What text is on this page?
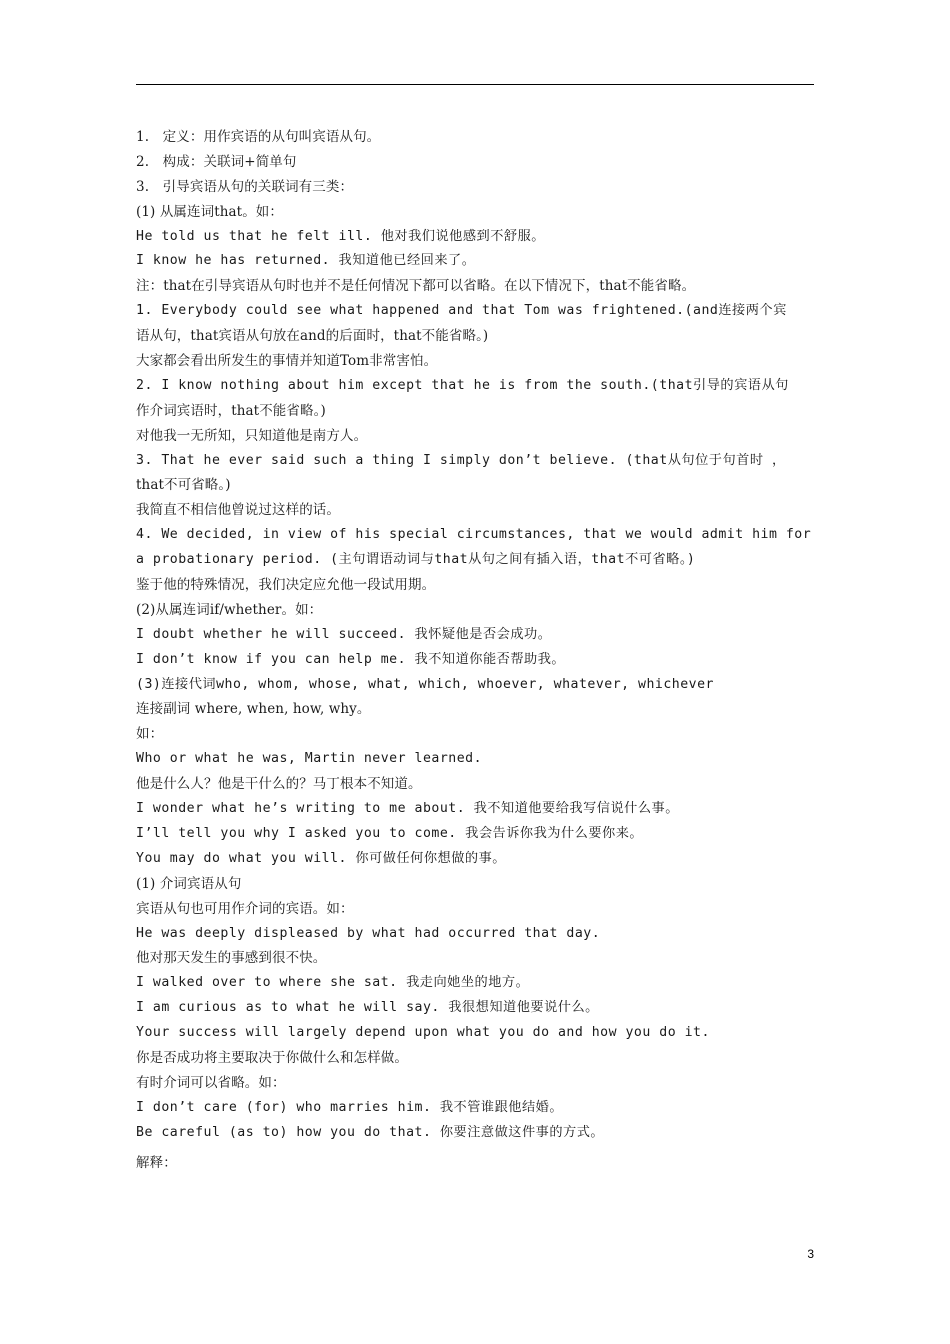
1.　定义：用作宾语的从句叫宾语从句。
2.　构成：关联词+简单句
3.　引导宾语从句的关联词有三类：
(1) 从属连词that。如：
He told us that he felt ill. 他对我们说他感到不舒服。
I know he has returned. 我知道他已经回来了。
注：that在引导宾语从句时也并不是任何情况下都可以省略。在以下情况下，that不能省略。
1. Everybody could see what happened and that Tom was frightened.(and连接两个宾
语从句，that宾语从句放在and的后面时，that不能省略。)
大家都会看出所发生的事情并知道Tom非常害怕。
2. I know nothing about him except that he is from the south.(that引导的宾语从句
作介词宾语时，that不能省略。)
对他我一无所知，只知道他是南方人。
3. That he ever said such a thing I simply don’t believe. (that从句位于句首时 ，
that不可省略。)
我简直不相信他曾说过这样的话。
4. We decided, in view of his special circumstances, that we would admit him for
a probationary period. (主句谓语动词与that从句之间有插入语，that不可省略。)
鉴于他的特殊情况，我们决定应允他一段试用期。
(2)从属连词if/whether。如：
I doubt whether he will succeed. 我怀疑他是否会成功。
I don’t know if you can help me. 我不知道你能否帮助我。
(3)连接代词who, whom, whose, what, which, whoever, whatever, whichever
连接副词 where, when, how, why。
如：
Who or what he was, Martin never learned.
他是什么人？他是干什么的？马丁根本不知道。
I wonder what he’s writing to me about. 我不知道他要给我写信说什么事。
I’ll tell you why I asked you to come. 我会告诉你我为什么要你来。
You may do what you will. 你可做任何你想做的事。
(1) 介词宾语从句
宾语从句也可用作介词的宾语。如：
He was deeply displeased by what had occurred that day.
他对那天发生的事感到很不快。
I walked over to where she sat. 我走向她坐的地方。
I am curious as to what he will say. 我很想知道他要说什么。
Your success will largely depend upon what you do and how you do it.
你是否成功将主要取决于你做什么和怎样做。
有时介词可以省略。如：
I don’t care (for) who marries him. 我不管谁跟他结婚。
Be careful (as to) how you do that. 你要注意做这件事的方式。
解释：
3
